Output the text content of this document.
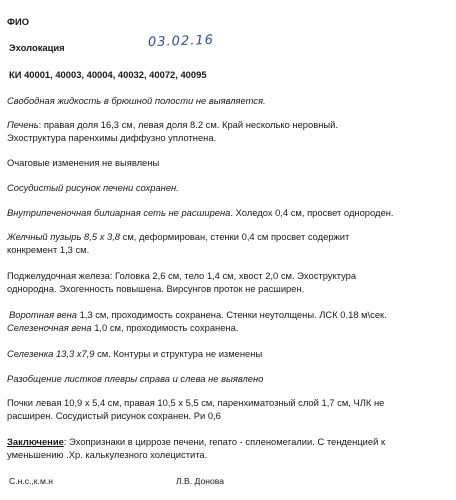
ФИО

Эхолокация	03.02.16

КИ 40001, 40003, 40004, 40032, 40072, 40095

Свободная жидкость в брюшной полости не выявляется.

Печень: правая доля 16,3 см, левая доля 8.2 см. Край несколько неровный.

Эхоструктура паренхимы диффузно уплотнена.

Очаговые изменения не выявлены

Сосудистый рисунок печени сохранен.

Внутрипеченочная билиарная сеть не расширена. Холедох 0,4 см, просвет однороден.

Желчный пузырь 8,5 х 3,8 см, деформирован, стенки 0,4 см просвет содержит

конкремент 1,3 см.

Поджелудочная железа: Головка 2,6 см, тело 1,4 см, хвост 2,0 см. Эхоструктура

однородна. Эхогенность повышена. Вирсунгов проток не расширен.

Воротная вена 1,3 см, проходимость сохранена. Стенки неутолщены. ЛСК 0.18 м\сек.

Селезеночная вена 1,0 см, проходимость сохранена.

Селезенка 13,3 х7,9 см. Контуры и структура не изменены

Разобщение листков плевры справа и слева не выявлено

Почки левая 10,9 х 5,4 см, правая 10,5 х 5,5 см, паренхиматозный слой 1,7 см, ЧЛК не

расширен. Сосудистый рисунок сохранен. Ри 0,6

Заключение: Эхопризнаки в циррозе печени, гепато - спленомегалии. С тенденцией к

уменьшению .Хр. калькулезного холецистита.

С.н.с.,к.м.н	Л.В. Донова
